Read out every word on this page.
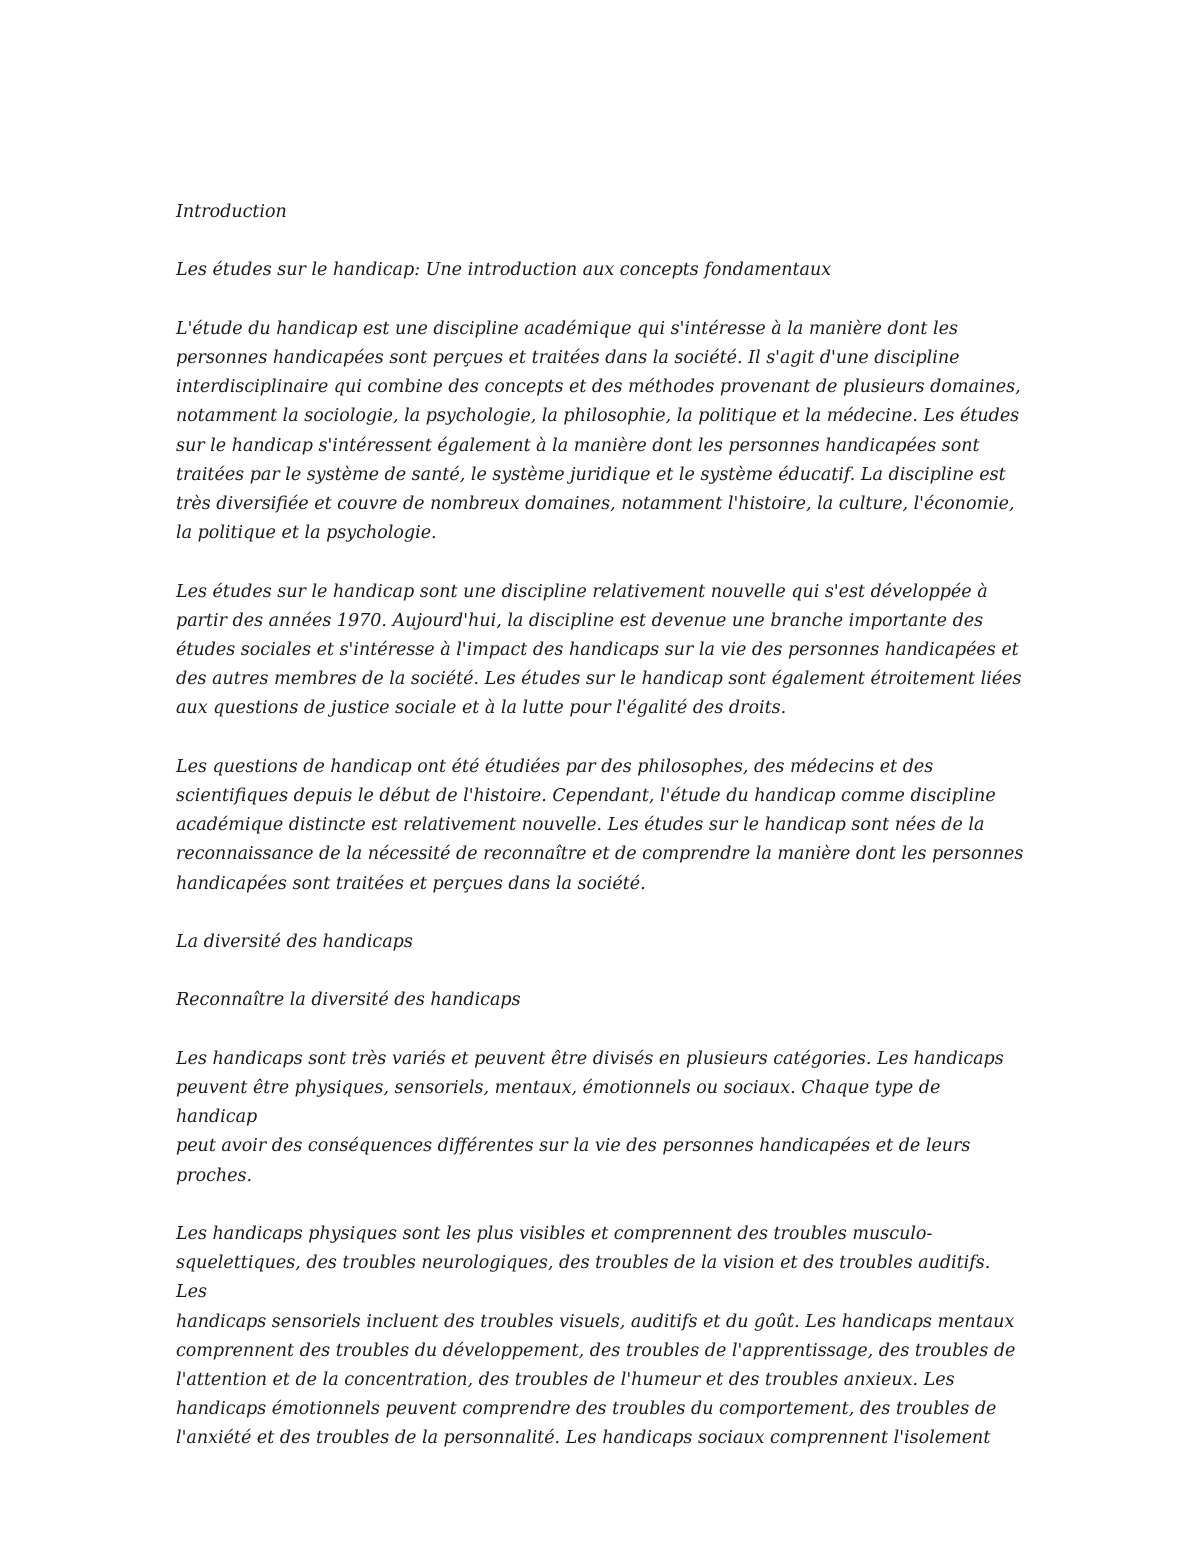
Introduction

Les études sur le handicap: Une introduction aux concepts fondamentaux

L'étude du handicap est une discipline académique qui s'intéresse à la manière dont les
personnes handicapées sont perçues et traitées dans la société. Il s'agit d'une discipline
interdisciplinaire qui combine des concepts et des méthodes provenant de plusieurs domaines,
notamment la sociologie, la psychologie, la philosophie, la politique et la médecine. Les études
sur le handicap s'intéressent également à la manière dont les personnes handicapées sont
traitées par le système de santé, le système juridique et le système éducatif. La discipline est
très diversifiée et couvre de nombreux domaines, notamment l'histoire, la culture, l'économie,
la politique et la psychologie.

Les études sur le handicap sont une discipline relativement nouvelle qui s'est développée à
partir des années 1970. Aujourd'hui, la discipline est devenue une branche importante des
études sociales et s'intéresse à l'impact des handicaps sur la vie des personnes handicapées et
des autres membres de la société. Les études sur le handicap sont également étroitement liées
aux questions de justice sociale et à la lutte pour l'égalité des droits.

Les questions de handicap ont été étudiées par des philosophes, des médecins et des
scientifiques depuis le début de l'histoire. Cependant, l'étude du handicap comme discipline
académique distincte est relativement nouvelle. Les études sur le handicap sont nées de la
reconnaissance de la nécessité de reconnaître et de comprendre la manière dont les personnes
handicapées sont traitées et perçues dans la société.

La diversité des handicaps

Reconnaître la diversité des handicaps

Les handicaps sont très variés et peuvent être divisés en plusieurs catégories. Les handicaps
peuvent être physiques, sensoriels, mentaux, émotionnels ou sociaux. Chaque type de handicap
peut avoir des conséquences différentes sur la vie des personnes handicapées et de leurs
proches.

Les handicaps physiques sont les plus visibles et comprennent des troubles musculo-
squelettiques, des troubles neurologiques, des troubles de la vision et des troubles auditifs. Les
handicaps sensoriels incluent des troubles visuels, auditifs et du goût. Les handicaps mentaux
comprennent des troubles du développement, des troubles de l'apprentissage, des troubles de
l'attention et de la concentration, des troubles de l'humeur et des troubles anxieux. Les
handicaps émotionnels peuvent comprendre des troubles du comportement, des troubles de
l'anxiété et des troubles de la personnalité. Les handicaps sociaux comprennent l'isolement
